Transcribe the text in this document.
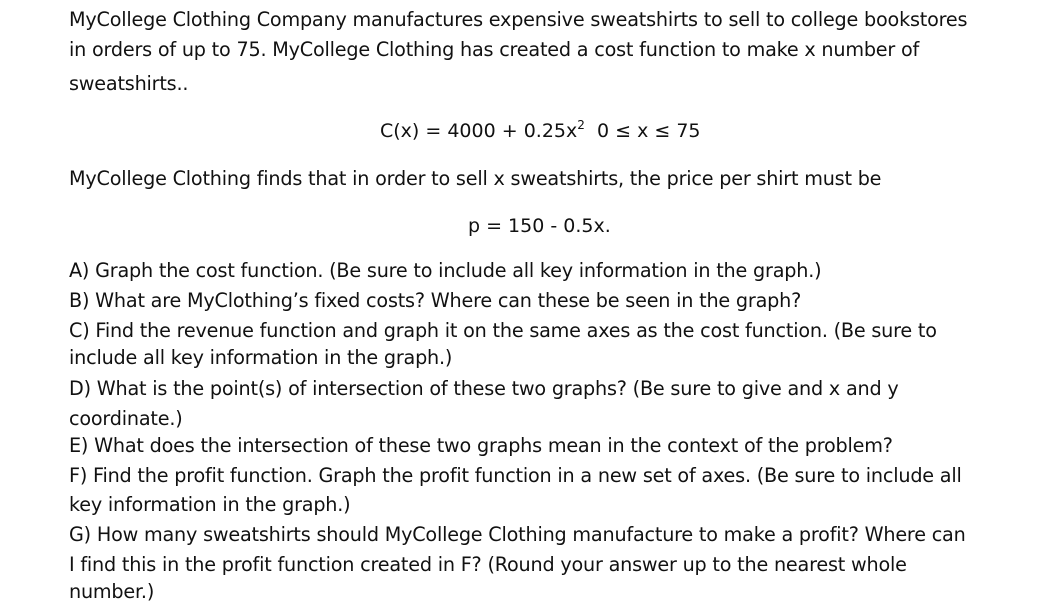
MyCollege Clothing Company manufactures expensive sweatshirts to sell to college bookstores
in orders of up to 75. MyCollege Clothing has created a cost function to make x number of
sweatshirts..
$C(x) = 4000 + 0.25x^2$ 0 ≤ x ≤ 75
MyCollege Clothing finds that in order to sell x sweatshirts, the price per shirt must be
p = 150 - 0.5x.
A) Graph the cost function. (Be sure to include all key information in the graph.)
B) What are MyClothing’s fixed costs? Where can these be seen in the graph?
C) Find the revenue function and graph it on the same axes as the cost function. (Be sure to
include all key information in the graph.)
D) What is the point(s) of intersection of these two graphs? (Be sure to give and x and y
coordinate.)
E) What does the intersection of these two graphs mean in the context of the problem?
F) Find the profit function. Graph the profit function in a new set of axes. (Be sure to include all
key information in the graph.)
G) How many sweatshirts should MyCollege Clothing manufacture to make a profit? Where can
I find this in the profit function created in F? (Round your answer up to the nearest whole
number.)
